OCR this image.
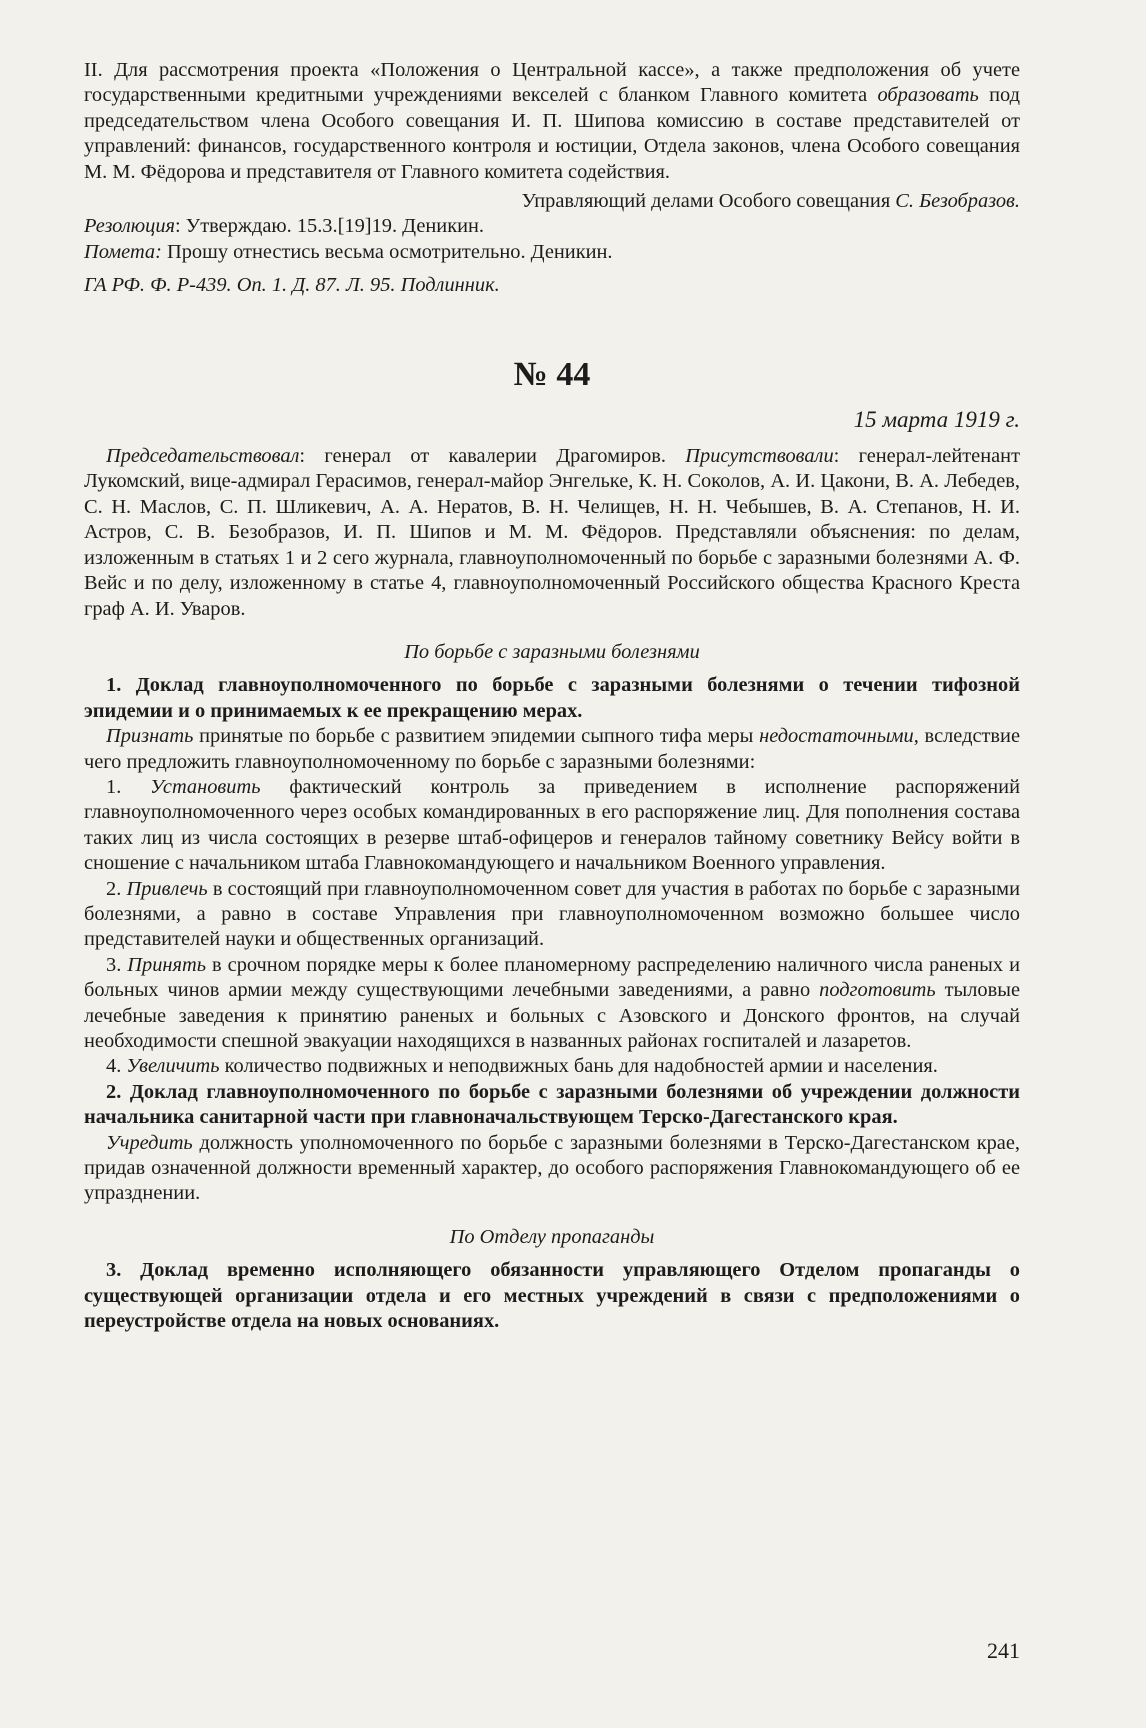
II. Для рассмотрения проекта «Положения о Центральной кассе», а также предположения об учете государственными кредитными учреждениями векселей с бланком Главного комитета образовать под председательством члена Особого совещания И. П. Шипова комиссию в составе представителей от управлений: финансов, государственного контроля и юстиции, Отдела законов, члена Особого совещания М. М. Фёдорова и представителя от Главного комитета содействия.

Управляющий делами Особого совещания С. Безобразов.

Резолюция: Утверждаю. 15.3.[19]19. Деникин.

Помета: Прошу отнестись весьма осмотрительно. Деникин.

ГА РФ. Ф. Р-439. Оп. 1. Д. 87. Л. 95. Подлинник.

№ 44
15 марта 1919 г.

Председательствовал: генерал от кавалерии Драгомиров. Присутствовали: генерал-лейтенант Лукомский, вице-адмирал Герасимов, генерал-майор Энгельке, К. Н. Соколов, А. И. Цакони, В. А. Лебедев, С. Н. Маслов, С. П. Шликевич, А. А. Нератов, В. Н. Челищев, Н. Н. Чебышев, В. А. Степанов, Н. И. Астров, С. В. Безобразов, И. П. Шипов и М. М. Фёдоров. Представляли объяснения: по делам, изложенным в статьях 1 и 2 сего журнала, главноуполномоченный по борьбе с заразными болезнями А. Ф. Вейс и по делу, изложенному в статье 4, главноуполномоченный Российского общества Красного Креста граф А. И. Уваров.

По борьбе с заразными болезнями

1. Доклад главноуполномоченного по борьбе с заразными болезнями о течении тифозной эпидемии и о принимаемых к ее прекращению мерах.

Признать принятые по борьбе с развитием эпидемии сыпного тифа меры недостаточными, вследствие чего предложить главноуполномоченному по борьбе с заразными болезнями:

1. Установить фактический контроль за приведением в исполнение распоряжений главноуполномоченного через особых командированных в его распоряжение лиц. Для пополнения состава таких лиц из числа состоящих в резерве штаб-офицеров и генералов тайному советнику Вейсу войти в сношение с начальником штаба Главнокомандующего и начальником Военного управления.

2. Привлечь в состоящий при главноуполномоченном совет для участия в работах по борьбе с заразными болезнями, а равно в составе Управления при главноуполномоченном возможно большее число представителей науки и общественных организаций.

3. Принять в срочном порядке меры к более планомерному распределению наличного числа раненых и больных чинов армии между существующими лечебными заведениями, а равно подготовить тыловые лечебные заведения к принятию раненых и больных с Азовского и Донского фронтов, на случай необходимости спешной эвакуации находящихся в названных районах госпиталей и лазаретов.

4. Увеличить количество подвижных и неподвижных бань для надобностей армии и населения.

2. Доклад главноуполномоченного по борьбе с заразными болезнями об учреждении должности начальника санитарной части при главноначальствующем Терско-Дагестанского края.

Учредить должность уполномоченного по борьбе с заразными болезнями в Терско-Дагестанском крае, придав означенной должности временный характер, до особого распоряжения Главнокомандующего об ее упразднении.

По Отделу пропаганды

3. Доклад временно исполняющего обязанности управляющего Отделом пропаганды о существующей организации отдела и его местных учреждений в связи с предположениями о переустройстве отдела на новых основаниях.

241
